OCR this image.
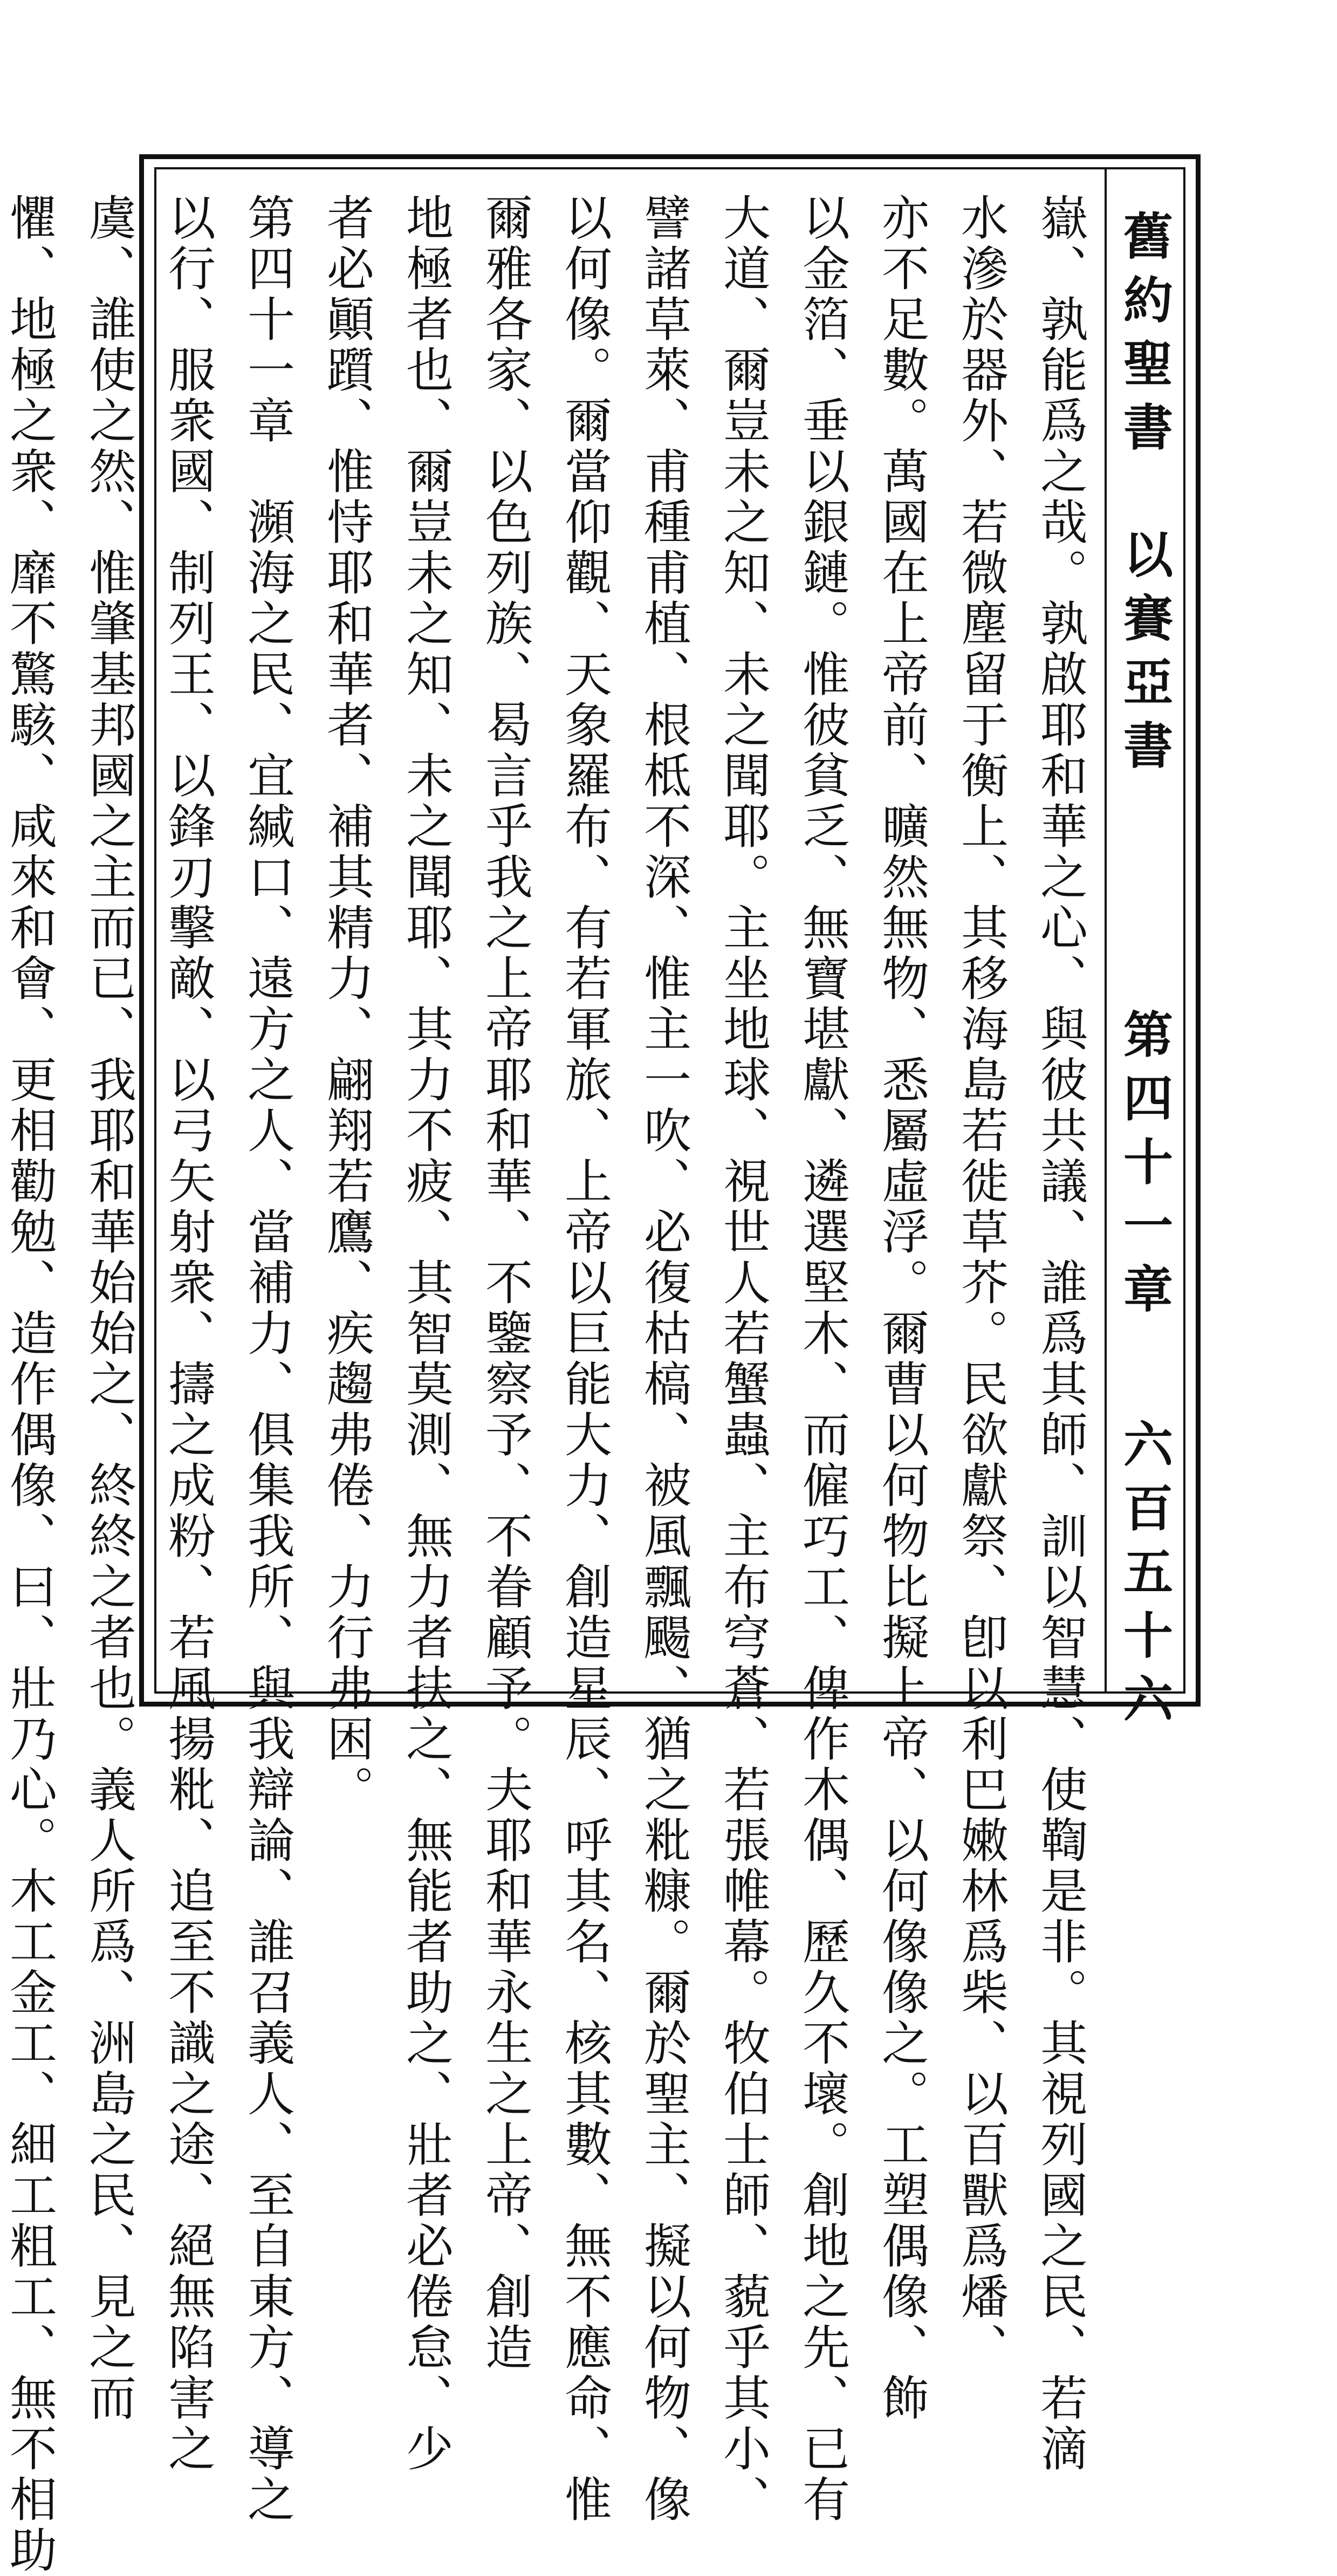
舊約聖書　以賽亞書
第四十一章
六百五十六
嶽、孰能爲之哉。孰啟耶和華之心、與彼共議、誰爲其師、訓以智慧、使鞫是非。其視列國之民、若滴
水滲於器外、若微塵留于衡上、其移海島若徙草芥。民欲獻祭、卽以利巴嫩林爲柴、以百獸爲燔、
亦不足數。萬國在上帝前、曠然無物、悉屬虛浮。爾曹以何物比擬上帝、以何像像之。工塑偶像、飾
以金箔、垂以銀鏈。惟彼貧乏、無寶堪獻、遴選堅木、而僱巧工、俾作木偶、歷久不壞。創地之先、已有
大道、爾豈未之知、未之聞耶。主坐地球、視世人若蟹蟲、主布穹蒼、若張帷幕。牧伯士師、藐乎其小、
譬諸草萊、甫種甫植、根柢不深、惟主一吹、必復枯槁、被風飄颺、猶之粃糠。爾於聖主、擬以何物、像
以何像。爾當仰觀、天象羅布、有若軍旅、上帝以巨能大力、創造星辰、呼其名、核其數、無不應命、惟
爾雅各家、以色列族、曷言乎我之上帝耶和華、不鑒察予、不眷顧予。夫耶和華永生之上帝、創造
地極者也、爾豈未之知、未之聞耶、其力不疲、其智莫測、無力者扶之、無能者助之、壯者必倦怠、少
者必顚躓、惟恃耶和華者、補其精力、翩翔若鷹、疾趨弗倦、力行弗困。
第四十一章　瀕海之民、宜緘口、遠方之人、當補力、俱集我所、與我辯論、誰召義人、至自東方、導之
以行、服衆國、制列王、以鋒刃擊敵、以弓矢射衆、擣之成粉、若風揚粃、追至不識之途、絕無陷害之
虞、誰使之然、惟肇基邦國之主而已、我耶和華始始之、終終之者也。義人所爲、洲島之民、見之而
懼、地極之衆、靡不驚駭、咸來和會、更相勸勉、造作偶像、曰、壯乃心。木工金工、細工粗工、無不相助
